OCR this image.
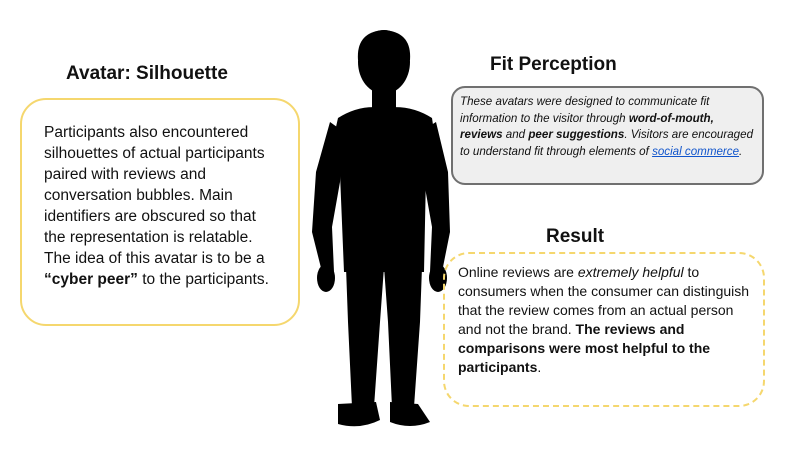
Avatar: Silhouette
Participants also encountered silhouettes of actual participants paired with reviews and conversation bubbles. Main identifiers are obscured so that the representation is relatable. The idea of this avatar is to be a “cyber peer” to the participants.
Fit Perception
These avatars were designed to communicate fit information to the visitor through word-of-mouth, reviews and peer suggestions. Visitors are encouraged to understand fit through elements of social commerce.
Result
Online reviews are extremely helpful to consumers when the consumer can distinguish that the review comes from an actual person and not the brand. The reviews and comparisons were most helpful to the participants.
